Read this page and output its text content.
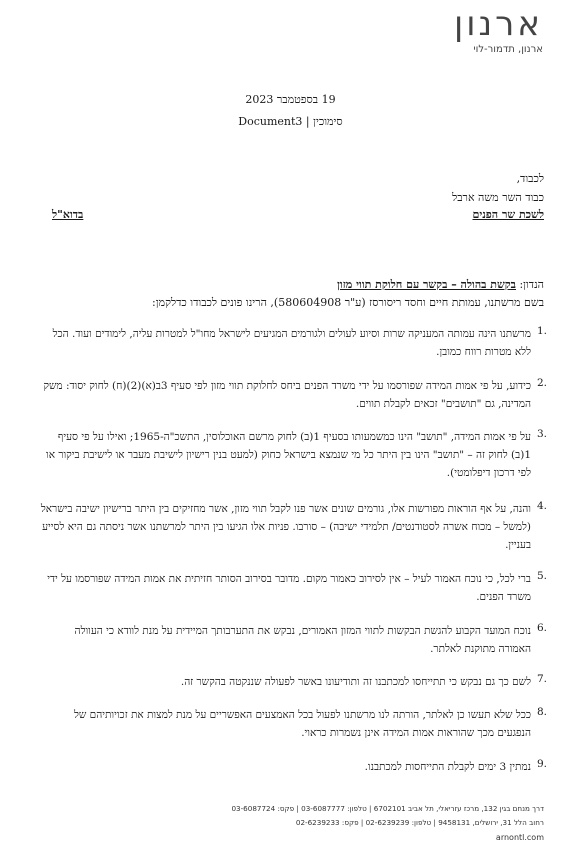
ארנון
ארנון, תדמור-לוי
19 בספטמבר 2023
סימוכין | Document3
לכבוד,
כבוד השר משה ארבל
לשכת שר הפנים
בדוא"ל
הנדון: בקשת בהולה – בקשר עם חלוקת תווי מזון
בשם מרשתנו, עמותת חיים וחסד ריסורסז (ע"ר 580604908), הרינו פונים לכבודו כדלקמן:
1.
מרשתנו הינה עמותה המעניקה שרות וסיוע לעולים ולגורמים המגיעים לישראל מחו"ל למטרות עליה, לימודים ועוד. הכל ללא מטרות רווח כמובן.
2.
כידוע, על פי אמות המידה שפורסמו על ידי משרד הפנים ביחס לחלוקת תווי מזון לפי סעיף 3ב(א)(2)(ח) לחוק יסוד: משק המדינה, גם "תושבים" זכאים לקבלת תווים.
3.
על פי אמות המידה, "תושב" הינו כמשמעותו בסעיף 1(ב) לחוק מרשם האוכלוסין, התשכ"ה-1965; ואילו על פי סעיף 1(ב) לחוק זה – "תושב" הינו בין היתר כל מי שנמצא בישראל כחוק (למעט בנין רישיון לישיבת מעבר או לישיבת ביקור או לפי דרכון דיפלומטי).
4.
והנה, על אף הוראות מפורשות אלו, גורמים שונים אשר פנו לקבל תווי מזון, אשר מחזיקים בין היתר ברישיון ישיבה בישראל (למשל – מכוח אשרה לסטודנטים/ תלמידי ישיבה) – סורבו. פניות אלו הגיעו בין היתר למרשתנו אשר ניסתה גם היא לסייע בעניין.
5.
ברי לכל, כי נוכח האמור לעיל – אין לסירוב כאמור מקום. מדובר בסירוב הסותר חזיתית את אמות המידה שפורסמו על ידי משרד הפנים.
6.
נוכח המועד הקבוע להגשת הבקשות לתווי המזון האמורים, נבקש את התערבותך המיידית על מנת לוודא כי העוולה האמורה מתוקנת לאלתר.
7.
לשם כך גם נבקש כי תתייחסו למכתבנו זה ותודיעונו באשר לפעולה שננקטה בהקשר זה.
8.
ככל שלא תעשו כן לאלתר, הורתה לנו מרשתנו לפעול בכל האמצעים האפשריים על מנת למצות את זכויותיהם של הנפגעים מכך שהוראות אמות המידה אינן נשמרות כראוי.
9.
נמתין 3 ימים לקבלת התייחסות למכתבנו.
דרך מנחם בגין 132, מרכז עזריאלי, תל אביב 6702101 | טלפון: 03-6087777 | פקס: 03-6087724
רחוב הלל 31, ירושלים, 9458131 | טלפון: 02-6239239 | פקס: 02-6239233
arnontl.com
